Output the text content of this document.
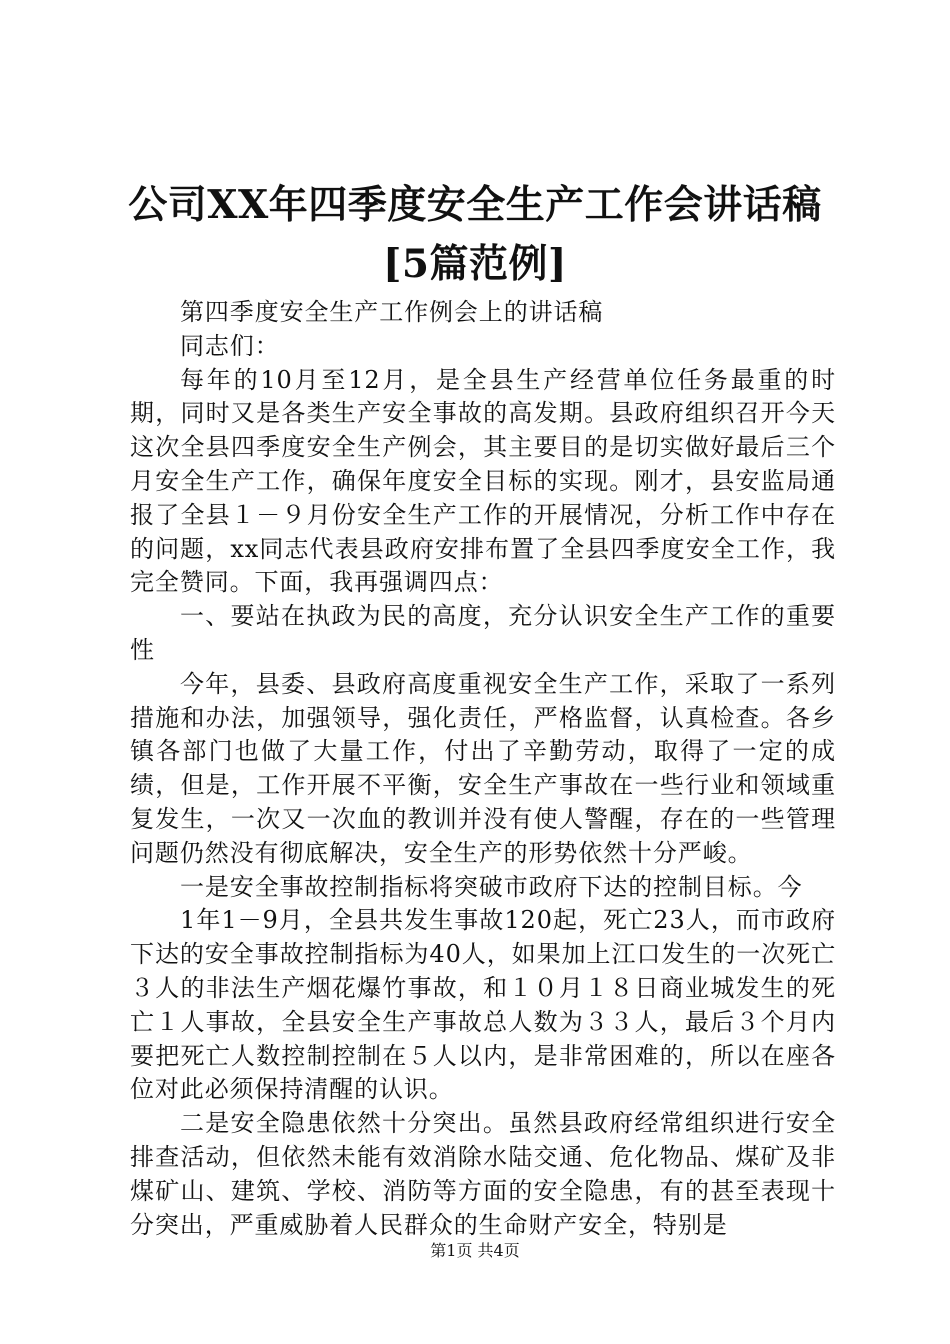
公司XX年四季度安全生产工作会讲话稿[5篇范例]

第四季度安全生产工作例会上的讲话稿

同志们：

每年的10月至12月，是全县生产经营单位任务最重的时期，同时又是各类生产安全事故的高发期。县政府组织召开今天这次全县四季度安全生产例会，其主要目的是切实做好最后三个月安全生产工作，确保年度安全目标的实现。刚才，县安监局通报了全县１－９月份安全生产工作的开展情况，分析工作中存在的问题，xx同志代表县政府安排布置了全县四季度安全工作，我完全赞同。下面，我再强调四点：

一、要站在执政为民的高度，充分认识安全生产工作的重要性

今年，县委、县政府高度重视安全生产工作，采取了一系列措施和办法，加强领导，强化责任，严格监督，认真检查。各乡镇各部门也做了大量工作，付出了辛勤劳动，取得了一定的成绩，但是，工作开展不平衡，安全生产事故在一些行业和领域重复发生，一次又一次血的教训并没有使人警醒，存在的一些管理问题仍然没有彻底解决，安全生产的形势依然十分严峻。

一是安全事故控制指标将突破市政府下达的控制目标。今

1年1－9月，全县共发生事故120起，死亡23人，而市政府下达的安全事故控制指标为40人，如果加上江口发生的一次死亡３人的非法生产烟花爆竹事故，和１０月１８日商业城发生的死亡１人事故，全县安全生产事故总人数为３３人，最后３个月内要把死亡人数控制控制在５人以内，是非常困难的，所以在座各位对此必须保持清醒的认识。

二是安全隐患依然十分突出。虽然县政府经常组织进行安全排查活动，但依然未能有效消除水陆交通、危化物品、煤矿及非煤矿山、建筑、学校、消防等方面的安全隐患，有的甚至表现十分突出，严重威胁着人民群众的生命财产安全，特别是

第1页 共4页
